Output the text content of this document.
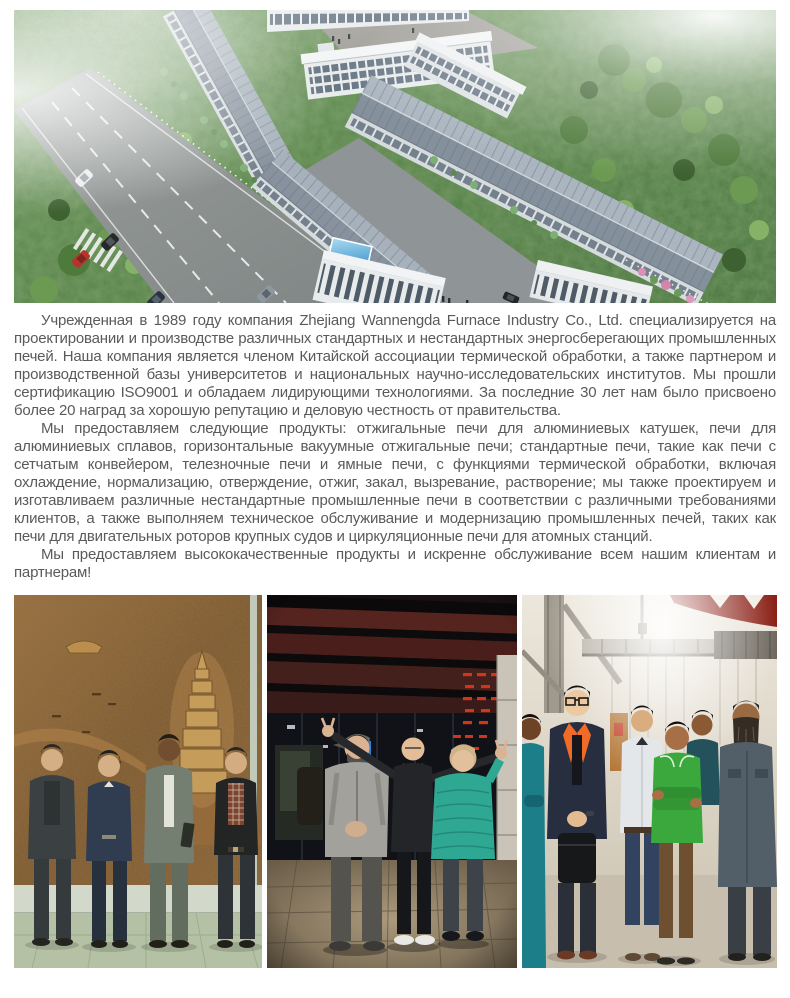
Учрежденная в 1989 году компания Zhejiang Wannengda Furnace Industry Co., Ltd. специализируется на проектировании и производстве различных стандартных и нестандартных энергосберегающих промышленных печей. Наша компания является членом Китайской ассоциации термической обработки, а также партнером и производственной базы университетов и национальных научно-исследовательских институтов. Мы прошли сертификацию ISO9001 и обладаем лидирующими технологиями. За последние 30 лет нам было присвоено более 20 наград за хорошую репутацию и деловую честность от правительства.

Мы предоставляем следующие продукты: отжигальные печи для алюминиевых катушек, печи для алюминиевых сплавов, горизонтальные вакуумные отжигальные печи; стандартные печи, такие как печи с сетчатым конвейером, телезночные печи и ямные печи, с функциями термической обработки, включая охлаждение, нормализацию, отверждение, отжиг, закал, вызревание, растворение; мы также проектируем и изготавливаем различные нестандартные промышленные печи в соответствии с различными требованиями клиентов, а также выполняем техническое обслуживание и модернизацию промышленных печей, таких как печи для двигательных роторов крупных судов и циркуляционные печи для атомных станций.

Мы предоставляем высококачественные продукты и искренне обслуживание всем нашим клиентам и партнерам!
